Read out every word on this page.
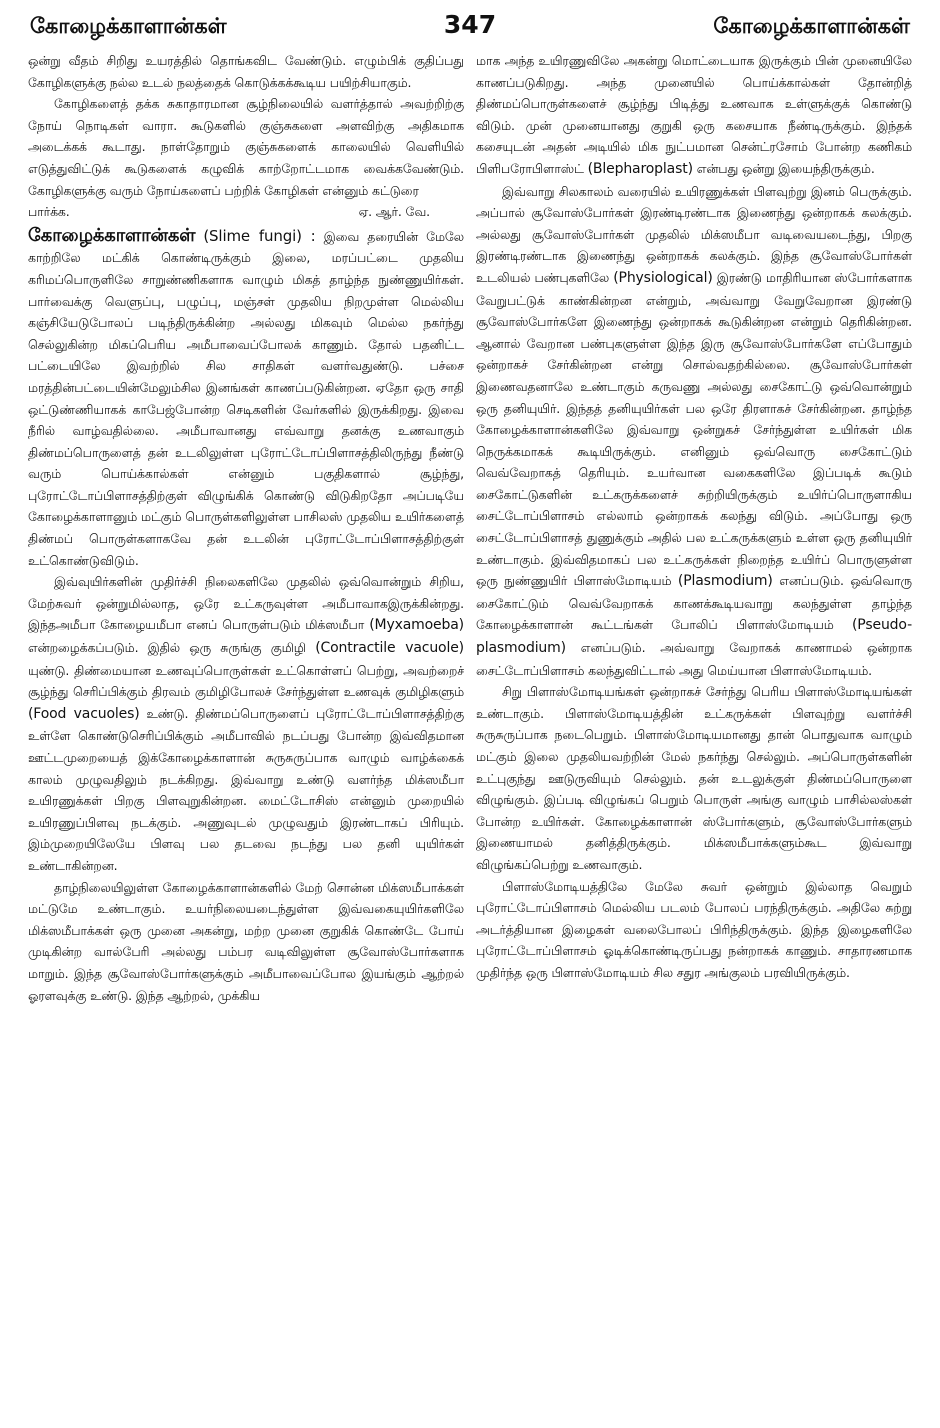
கோழைக்காளான்கள்	347	கோழைக்காளான்கள்

ஒன்று வீதம் சிறிது உயரத்தில் தொங்கவிட வேண்டும். எழும்பிக் குதிப்பது கோழிகளுக்கு நல்ல உடல் நலத்தைக் கொடுக்கக்கூடிய பயிற்சியாகும்.

கோழிகளைத் தக்க சுகாதாரமான சூழ்நிலையில் வளர்த்தால் அவற்றிற்கு நோய் நொடிகள் வாரா. கூடுகளில் குஞ்சுகளை அளவிற்கு அதிகமாக அடைக்கக் கூடாது. நாள்தோறும் குஞ்சுகளைக் காலையில் வெளியில் எடுத்துவிட்டுக் கூடுகளைக் கழுவிக் காற்றோட்டமாக வைக்கவேண்டும். கோழிகளுக்கு வரும் நோய்களைப் பற்றிக் கோழிகள் என்னும் கட்டுரை

பார்க்க.	ஏ. ஆர். வே.

கோழைக்காளான்கள் (Slime fungi) : இவை தரையின் மேலே காற்றிலே மட்கிக் கொண்டிருக்கும் இலை, மரப்பட்டை முதலிய கரிமப்பொருளிலே சாறுண்ணிகளாக வாழும் மிகத் தாழ்ந்த நுண்ணுயிர்கள். பார்வைக்கு வெளுப்பு, பழுப்பு, மஞ்சள் முதலிய நிறமுள்ள மெல்லிய கஞ்சியேடுபோலப் படிந்திருக்கின்ற அல்லது மிகவும் மெல்ல நகர்ந்து செல்லுகின்ற மிகப்பெரிய அமீபாவைப்போலக் காணும். தோல் பதனிட்ட பட்டையிலே இவற்றில் சில சாதிகள் வளர்வதுண்டு. பச்சை மரத்தின்பட்டையின்மேலும்சில இனங்கள் காணப்படுகின்றன. ஏதோ ஒரு சாதி ஒட்டுண்ணியாகக் காபேஜ்போன்ற செடிகளின் வேர்களில் இருக்கிறது. இவை நீரில் வாழ்வதில்லை. அமீபாவானது எவ்வாறு தனக்கு உணவாகும் திண்மப்பொருளைத் தன் உடலிலுள்ள புரோட்டோப்பிளாசத்திலிருந்து நீண்டு வரும் பொய்க்கால்கள் என்னும் பகுதிகளால் சூழ்ந்து, புரோட்டோப்பிளாசத்திற்குள் விழுங்கிக் கொண்டு விடுகிறதோ அப்படியே கோழைக்காளானும் மட்கும் பொருள்களிலுள்ள பாசிலஸ் முதலிய உயிர்களைத் திண்மப் பொருள்களாகவே தன் உடலின் புரோட்டோப்பிளாசத்திற்குள் உட்கொண்டுவிடும்.

இவ்வுயிர்களின் முதிர்ச்சி நிலைகளிலே முதலில் ஒவ்வொன்றும் சிறிய, மேற்சுவர் ஒன்றுமில்லாத, ஒரே உட்கருவுள்ள அமீபாவாகஇருக்கின்றது. இந்தஅமீபா கோழையமீபா எனப் பொருள்படும் மிக்ஸமீபா (Myxamoeba) என்றழைக்கப்படும். இதில் ஒரு சுருங்கு குமிழி (Contractile vacuole) யுண்டு. திண்மையான உணவுப்பொருள்கள் உட்கொள்ளப் பெற்று, அவற்றைச் சூழ்ந்து செரிப்பிக்கும் திரவம் குமிழிபோலச் சேர்ந்துள்ள உணவுக் குமிழிகளும் (Food vacuoles) உண்டு. திண்மப்பொருளைப் புரோட்டோப்பிளாசத்திற்கு உள்ளே கொண்டுசெரிப்பிக்கும் அமீபாவில் நடப்பது போன்ற இவ்விதமான ஊட்டமுறையைத் இக்கோழைக்காளான் சுருசுருப்பாக வாழும் வாழ்க்கைக் காலம் முழுவதிலும் நடக்கிறது. இவ்வாறு உண்டு வளர்ந்த மிக்ஸமீபா உயிரணுக்கள் பிறகு பிளவுறுகின்றன. மைட்டோசிஸ் என்னும் முறையில் உயிரணுப்பிளவு நடக்கும். அணுவுடல் முழுவதும் இரண்டாகப் பிரியும். இம்முறையிலேயே பிளவு பல தடவை நடந்து பல தனி யுயிர்கள் உண்டாகின்றன.

தாழ்நிலையிலுள்ள கோழைக்காளான்களில் மேற் சொன்ன மிக்ஸமீபாக்கள் மட்டுமே உண்டாகும். உயர்நிலையடைந்துள்ள இவ்வகையுயிர்களிலே மிக்ஸமீபாக்கள் ஒரு முனை அகன்று, மற்ற முனை குறுகிக் கொண்டே போய் முடிகின்ற வால்பேரி அல்லது பம்பர வடிவிலுள்ள சூவோஸ்போர்களாக மாறும். இந்த சூவோஸ்போர்களுக்கும் அமீபாவைப்போல இயங்கும் ஆற்றல் ஓரளவுக்கு உண்டு. இந்த ஆற்றல், முக்கிய

மாக அந்த உயிரணுவிலே அகன்று மொட்டையாக இருக்கும் பின் முனையிலே காணப்படுகிறது. அந்த முனையில் பொய்க்கால்கள் தோன்றித் திண்மப்பொருள்களைச் சூழ்ந்து பிடித்து உணவாக உள்ளுக்குக் கொண்டு விடும். முன் முனையானது குறுகி ஒரு கசையாக நீண்டிருக்கும். இந்தக் கசையுடன் அதன் அடியில் மிக நுட்பமான சென்ட்ரசோம் போன்ற கணிகம் பிளிபரோபிளாஸ்ட் (Blepharoplast) என்பது ஒன்று இயைந்திருக்கும்.

இவ்வாறு சிலகாலம் வரையில் உயிரணுக்கள் பிளவுற்று இனம் பெருக்கும். அப்பால் சூவோஸ்போர்கள் இரண்டிரண்டாக இணைந்து ஒன்றாகக் கலக்கும். அல்லது சூவோஸ்போர்கள் முதலில் மிக்ஸமீபா வடிவையடைந்து, பிறகு இரண்டிரண்டாக இணைந்து ஒன்றாகக் கலக்கும். இந்த சூவோஸ்போர்கள் உடலியல் பண்புகளிலே (Physiological) இரண்டு மாதிரியான ஸ்போர்களாக வேறுபட்டுக் காண்கின்றன என்றும், அவ்வாறு வேறுவேறான இரண்டு சூவோஸ்போர்களே இணைந்து ஒன்றாகக் கூடுகின்றன என்றும் தெரிகின்றன. ஆனால் வேறான பண்புகளுள்ள இந்த இரு சூவோஸ்போர்களே எப்போதும் ஒன்றாகச் சேர்கின்றன என்று சொல்வதற்கில்லை. சூவோஸ்போர்கள் இணைவதனாலே உண்டாகும் கருவணு அல்லது சைகோட்டு ஒவ்வொன்றும் ஒரு தனியுயிர். இந்தத் தனியுயிர்கள் பல ஒரே திரளாகச் சேர்கின்றன. தாழ்ந்த கோழைக்காளான்களிலே இவ்வாறு ஒன்றுகச் சேர்ந்துள்ள உயிர்கள் மிக நெருக்கமாகக் கூடியிருக்கும். எனினும் ஒவ்வொரு சைகோட்டும் வெவ்வேறாகத் தெரியும். உயர்வான வகைகளிலே இப்படிக் கூடும் சைகோட்டுகளின் உட்கருக்களைச் சுற்றியிருக்கும் உயிர்ப்பொருளாகிய சைட்டோப்பிளாசம் எல்லாம் ஒன்றாகக் கலந்து விடும். அப்போது ஒரு சைட்டோப்பிளாசத் துணுக்கும் அதில் பல உட்கருக்களும் உள்ள ஒரு தனியுயிர் உண்டாகும். இவ்விதமாகப் பல உட்கருக்கள் நிறைந்த உயிர்ப் பொருளுள்ள ஒரு நுண்ணுயிர் பிளாஸ்மோடியம் (Plasmodium) எனப்படும். ஒவ்வொரு சைகோட்டும் வெவ்வேறாகக் காணக்கூடியவாறு கலந்துள்ள தாழ்ந்த கோழைக்காளான் கூட்டங்கள் போலிப் பிளாஸ்மோடியம் (Pseudo-plasmodium) எனப்படும். அவ்வாறு வேறாகக் காணாமல் ஒன்றாக சைட்டோப்பிளாசம் கலந்துவிட்டால் அது மெய்யான பிளாஸ்மோடியம்.

சிறு பிளாஸ்மோடியங்கள் ஒன்றாகச் சேர்ந்து பெரிய பிளாஸ்மோடியங்கள் உண்டாகும். பிளாஸ்மோடியத்தின் உட்கருக்கள் பிளவுற்று வளர்ச்சி சுருசுருப்பாக நடைபெறும். பிளாஸ்மோடியமானது தான் பொதுவாக வாழும் மட்கும் இலை முதலியவற்றின் மேல் நகர்ந்து செல்லும். அப்பொருள்களின் உட்புகுந்து ஊடுருவியும் செல்லும். தன் உடலுக்குள் திண்மப்பொருளை விழுங்கும். இப்படி விழுங்கப் பெறும் பொருள் அங்கு வாழும் பாசில்லஸ்கள் போன்ற உயிர்கள். கோழைக்காளான் ஸ்போர்களும், சூவோஸ்போர்களும் இணையாமல் தனித்திருக்கும். மிக்ஸமீபாக்களும்கூட இவ்வாறு விழுங்கப்பெற்று உணவாகும்.

பிளாஸ்மோடியத்திலே மேலே சுவர் ஒன்றும் இல்லாத வெறும் புரோட்டோப்பிளாசம் மெல்லிய படலம் போலப் பரந்திருக்கும். அதிலே சுற்று அடர்த்தியான இழைகள் வலைபோலப் பிரிந்திருக்கும். இந்த இழைகளிலே புரோட்டோப்பிளாசம் ஓடிக்கொண்டிருப்பது நன்றாகக் காணும். சாதாரணமாக முதிர்ந்த ஒரு பிளாஸ்மோடியம் சில சதுர அங்குலம் பரவியிருக்கும்.
